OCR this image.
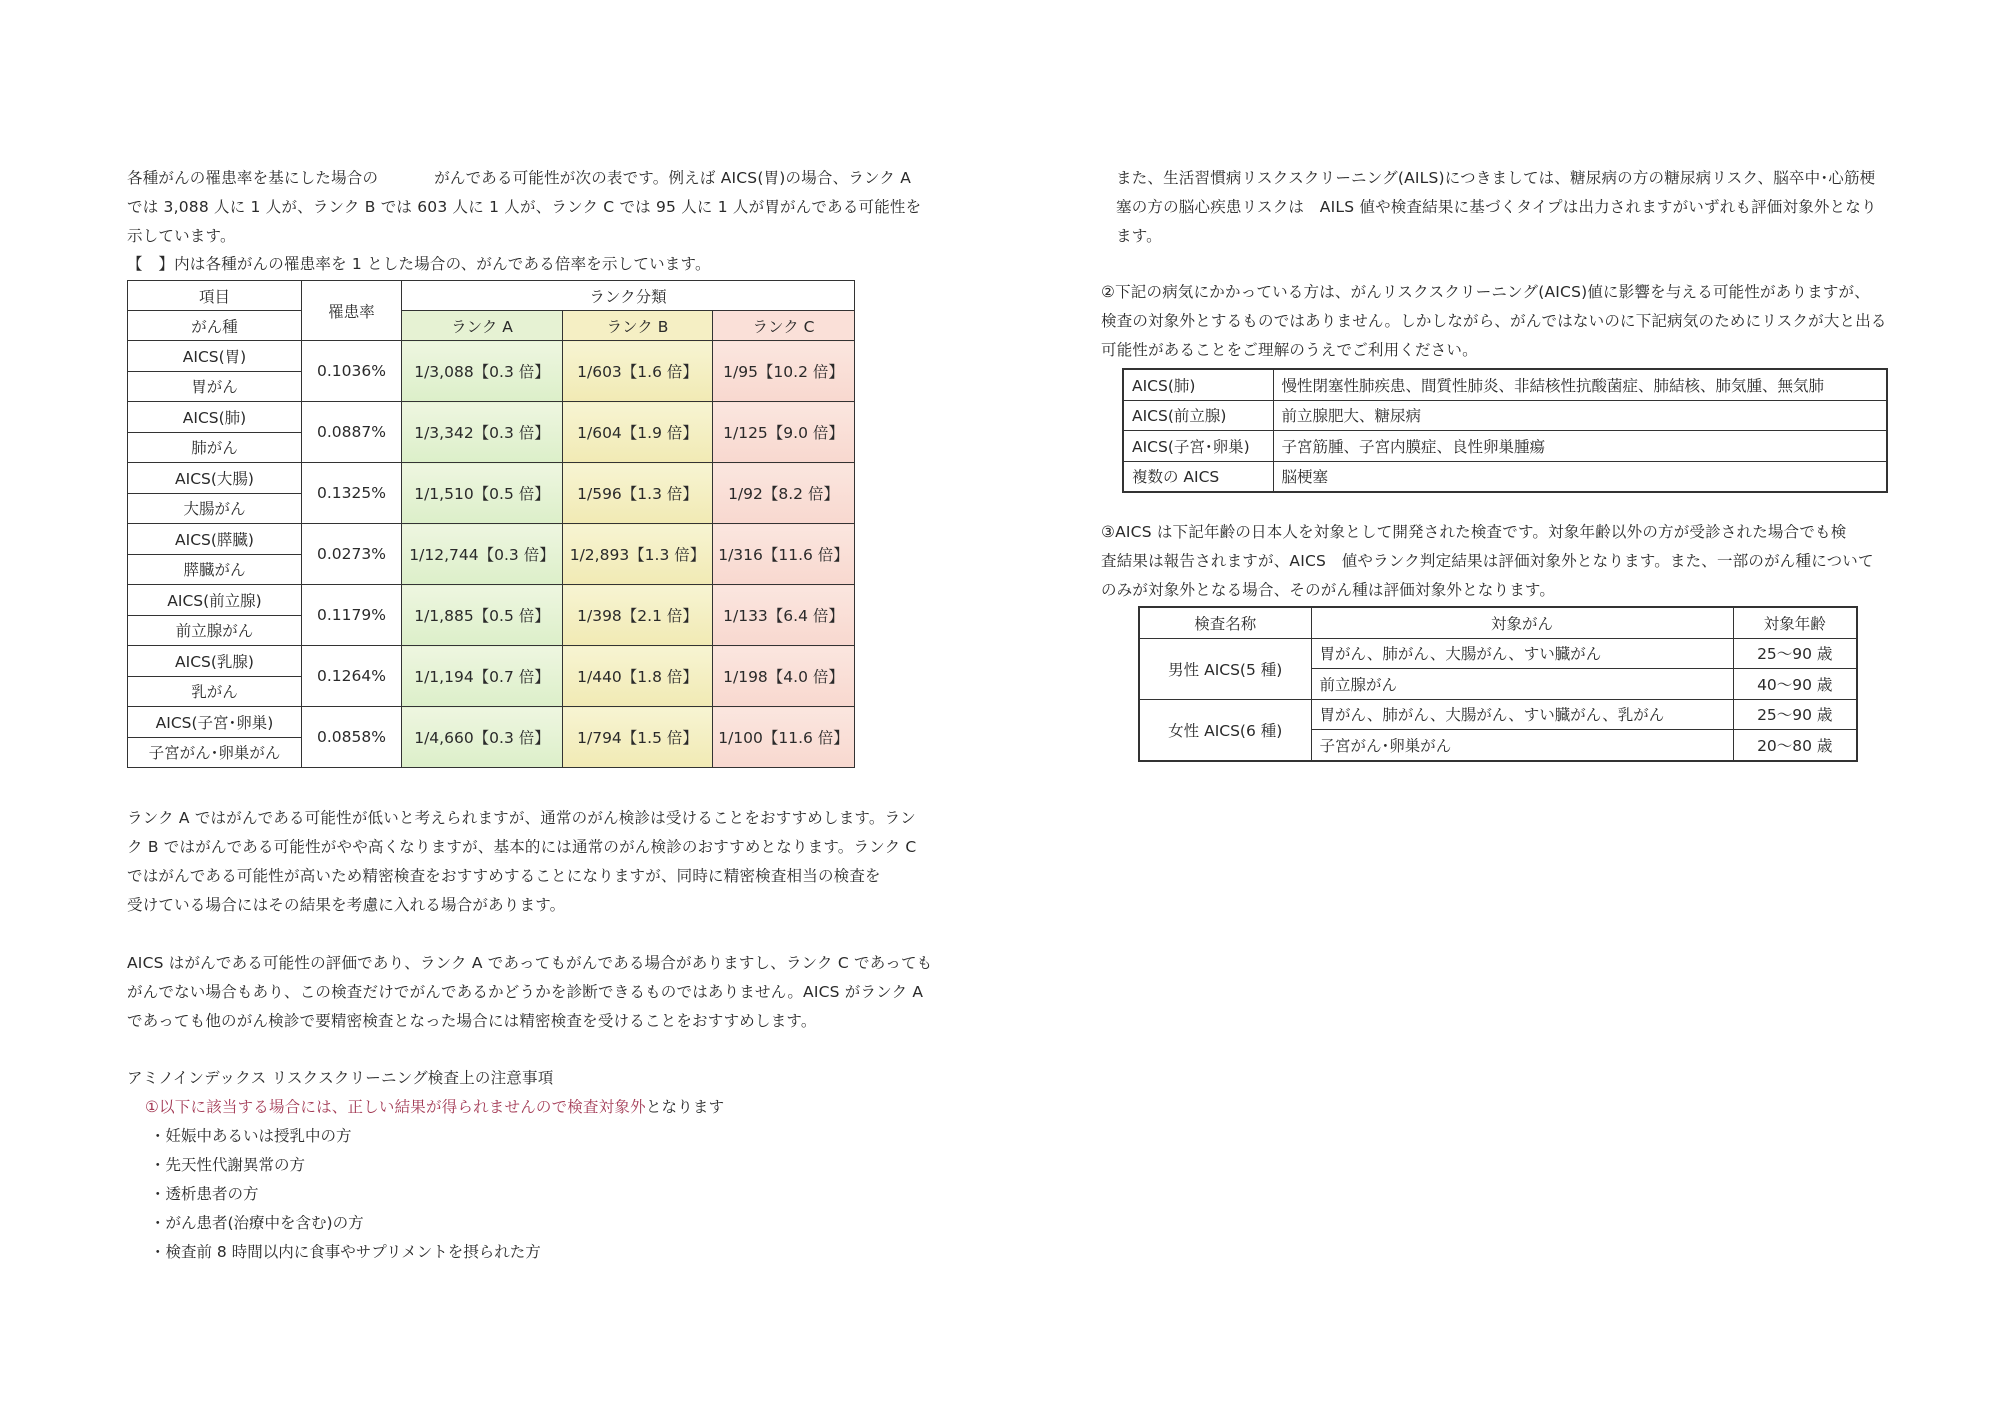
各種がんの罹患率を基にした場合の	がんである可能性が次の表です。例えば AICS(胃)の場合、ランク A

では 3,088 人に 1 人が、ランク B では 603 人に 1 人が、ランク C では 95 人に 1 人が胃がんである可能性を

示しています。

【　】内は各種がんの罹患率を 1 とした場合の、がんである倍率を示しています。
項目	罹患率	ランク分類		
がん種		ランク A	ランク B	ランク C
AICS(胃)	0.1036%	1/3,088【0.3 倍】	1/603【1.6 倍】	1/95【10.2 倍】
胃がん				
AICS(肺)	0.0887%	1/3,342【0.3 倍】	1/604【1.9 倍】	1/125【9.0 倍】
肺がん				
AICS(大腸)	0.1325%	1/1,510【0.5 倍】	1/596【1.3 倍】	1/92【8.2 倍】
大腸がん				
AICS(膵臓)	0.0273%	1/12,744【0.3 倍】	1/2,893【1.3 倍】	1/316【11.6 倍】
膵臓がん				
AICS(前立腺)	0.1179%	1/1,885【0.5 倍】	1/398【2.1 倍】	1/133【6.4 倍】
前立腺がん				
AICS(乳腺)	0.1264%	1/1,194【0.7 倍】	1/440【1.8 倍】	1/198【4.0 倍】
乳がん				
AICS(子宮･卵巣)	0.0858%	1/4,660【0.3 倍】	1/794【1.5 倍】	1/100【11.6 倍】
子宮がん･卵巣がん				

ランク A ではがんである可能性が低いと考えられますが、通常のがん検診は受けることをおすすめします。ラン

ク B ではがんである可能性がやや高くなりますが、基本的には通常のがん検診のおすすめとなります。ランク C

ではがんである可能性が高いため精密検査をおすすめすることになりますが、同時に精密検査相当の検査を

受けている場合にはその結果を考慮に入れる場合があります。

AICS はがんである可能性の評価であり、ランク A であってもがんである場合がありますし、ランク C であっても

がんでない場合もあり、この検査だけでがんであるかどうかを診断できるものではありません。AICS がランク A

であっても他のがん検診で要精密検査となった場合には精密検査を受けることをおすすめします。

アミノインデックス リスクスクリーニング検査上の注意事項
①以下に該当する場合には、正しい結果が得られませんので検査対象外となります
・妊娠中あるいは授乳中の方
・先天性代謝異常の方
・透析患者の方
・がん患者(治療中を含む)の方
・検査前 8 時間以内に食事やサプリメントを摂られた方

また、生活習慣病リスクスクリーニング(AILS)につきましては、糖尿病の方の糖尿病リスク、脳卒中･心筋梗

塞の方の脳心疾患リスクは　AILS 値や検査結果に基づくタイプは出力されますがいずれも評価対象外となり

ます。

②下記の病気にかかっている方は、がんリスクスクリーニング(AICS)値に影響を与える可能性がありますが、

検査の対象外とするものではありません。しかしながら、がんではないのに下記病気のためにリスクが大と出る

可能性があることをご理解のうえでご利用ください。

AICS(肺)	慢性閉塞性肺疾患、間質性肺炎、非結核性抗酸菌症、肺結核、肺気腫、無気肺
AICS(前立腺)	前立腺肥大、糖尿病
AICS(子宮･卵巣)	子宮筋腫、子宮内膜症、良性卵巣腫瘍
複数の AICS	脳梗塞

③AICS は下記年齢の日本人を対象として開発された検査です。対象年齢以外の方が受診された場合でも検

査結果は報告されますが、AICS　値やランク判定結果は評価対象外となります。また、一部のがん種について

のみが対象外となる場合、そのがん種は評価対象外となります。

検査名称	対象がん	対象年齢
男性 AICS(5 種)	胃がん、肺がん、大腸がん、すい臓がん	25～90 歳
	前立腺がん	40～90 歳
女性 AICS(6 種)	胃がん、肺がん、大腸がん、すい臓がん、乳がん	25～90 歳
	子宮がん･卵巣がん	20～80 歳
